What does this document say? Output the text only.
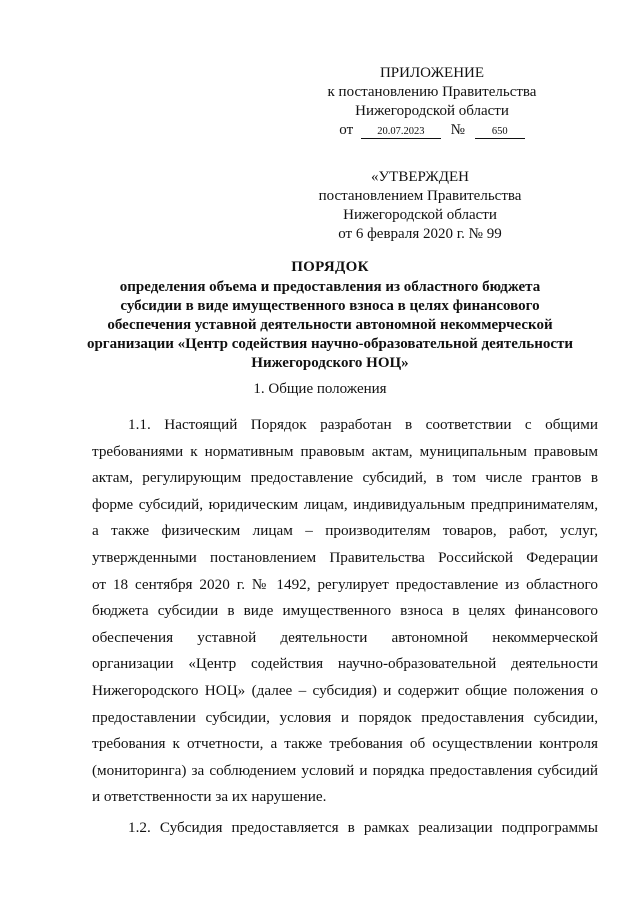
ПРИЛОЖЕНИЕ
к постановлению Правительства
Нижегородской области
от 20.07.2023 №	650
«УТВЕРЖДЕН
постановлением Правительства
Нижегородской области
от 6 февраля 2020 г. № 99
ПОРЯДОК
определения объема и предоставления из областного бюджета
субсидии в виде имущественного взноса в целях финансового
обеспечения уставной деятельности автономной некоммерческой
организации «Центр содействия научно-образовательной деятельности
Нижегородского НОЦ»
1. Общие положения
1.1. Настоящий Порядок разработан в соответствии с общими
требованиями к нормативным правовым актам, муниципальным правовым
актам, регулирующим предоставление субсидий, в том числе грантов в
форме субсидий, юридическим лицам, индивидуальным предпринимателям,
а также физическим лицам – производителям товаров, работ, услуг,
утвержденными постановлением Правительства Российской Федерации
от 18 сентября 2020 г. № 1492, регулирует предоставление из областного
бюджета субсидии в виде имущественного взноса в целях финансового
обеспечения уставной деятельности автономной некоммерческой
организации «Центр содействия научно-образовательной деятельности
Нижегородского НОЦ» (далее – субсидия) и содержит общие положения о
предоставлении субсидии, условия и порядок предоставления субсидии,
требования к отчетности, а также требования об осуществлении контроля
(мониторинга) за соблюдением условий и порядка предоставления субсидий
и ответственности за их нарушение.
1.2. Субсидия предоставляется в рамках реализации подпрограммы
